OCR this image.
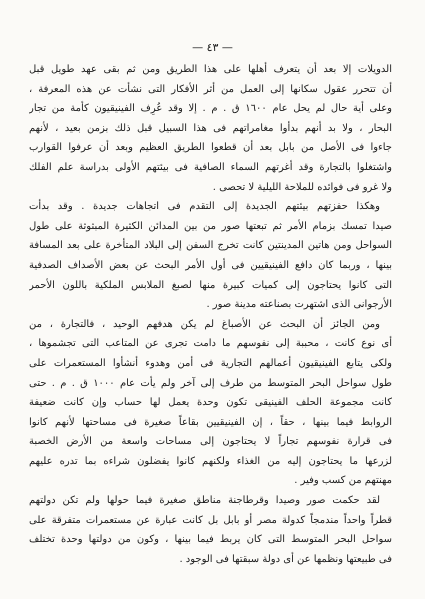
— ٤٣ —
الدويلات إلا بعد أن يتعرف أهلها على هذا الطريق ومن ثم بقى عهد طويل قبل
أن تتحرر عقول سكانها إلى العمل من أثر الأفكار التى نشأت عن هذه المعرفة ،
وعلى أية حال لم يحل عام ١٦٠٠ ق . م . إلا وقد عُرِف الفينيقيون كأمة من تجار
البحار ، ولا بد أنهم بدأوا مغامراتهم فى هذا السبيل قبل ذلك بزمن بعيد ، لأنهم
جاءوا فى الأصل من بابل بعد أن قطعوا الطريق العظيم وبعد أن عرفوا القوارب
واشتغلوا بالتجارة وقد أغرتهم السماء الصافية فى بيئتهم الأولى بدراسة علم الفلك
ولا غرو فى فوائده للملاحة الليلية لا تحصى .
وهكذا حفزتهم بيئتهم الجديدة إلى التقدم فى اتجاهات جديدة . وقد بدأت
صيدا تمسك بزمام الأمر ثم تبعتها صور من بين المدائن الكثيرة المبثوثة على طول
السواحل ومن هاتين المدينتين كانت تخرج السفن إلى البلاد المتأخرة على بعد المسافة
بينها ، وربما كان دافع الفينيقيين فى أول الأمر البحث عن بعض الأصداف الصدفية
التى كانوا يحتاجون إلى كميات كبيرة منها لصبغ الملابس الملكية باللون الأحمر
الأرجوانى الذى اشتهرت بصناعته مدينة صور .
ومن الجائز أن البحث عن الأصباغ لم يكن هدفهم الوحيد ، فالتجارة ، من
أى نوع كانت ، محببة إلى نفوسهم ما دامت تجرى عن المتاعب التى تجشموها ،
ولكى يتابع الفينيقيون أعمالهم التجارية فى أمن وهدوء أنشأوا المستعمرات على
طول سواحل البحر المتوسط من طرف إلى آخر ولم يأت عام ١٠٠٠ ق . م . حتى
كانت مجموعة الحلف الفينيقى تكون وحدة يعمل لها حساب وإن كانت ضعيفة
الروابط فيما بينها ، حقاً ، إن الفينيقيين بقاعاً صغيرة فى مساحتها لأنهم كانوا
فى قرارة نفوسهم تجاراً لا يحتاجون إلى مساحات واسعة من الأرض الخصبة
لزرعها ما يحتاجون إليه من الغذاء ولكنهم كانوا يفضلون شراءه بما تدره عليهم
مهنتهم من كسب وفير .
لقد حكمت صور وصيدا وقرطاجنة مناطق صغيرة فيما حولها ولم تكن دولتهم
قطراً واحداً مندمجاً كدولة مصر أو بابل بل كانت عبارة عن مستعمرات متفرقة على
سواحل البحر المتوسط التى كان يربط فيما بينها ، وكون من دولتها وحدة تختلف
فى طبيعتها ونظمها عن أى دولة سبقتها فى الوجود .
